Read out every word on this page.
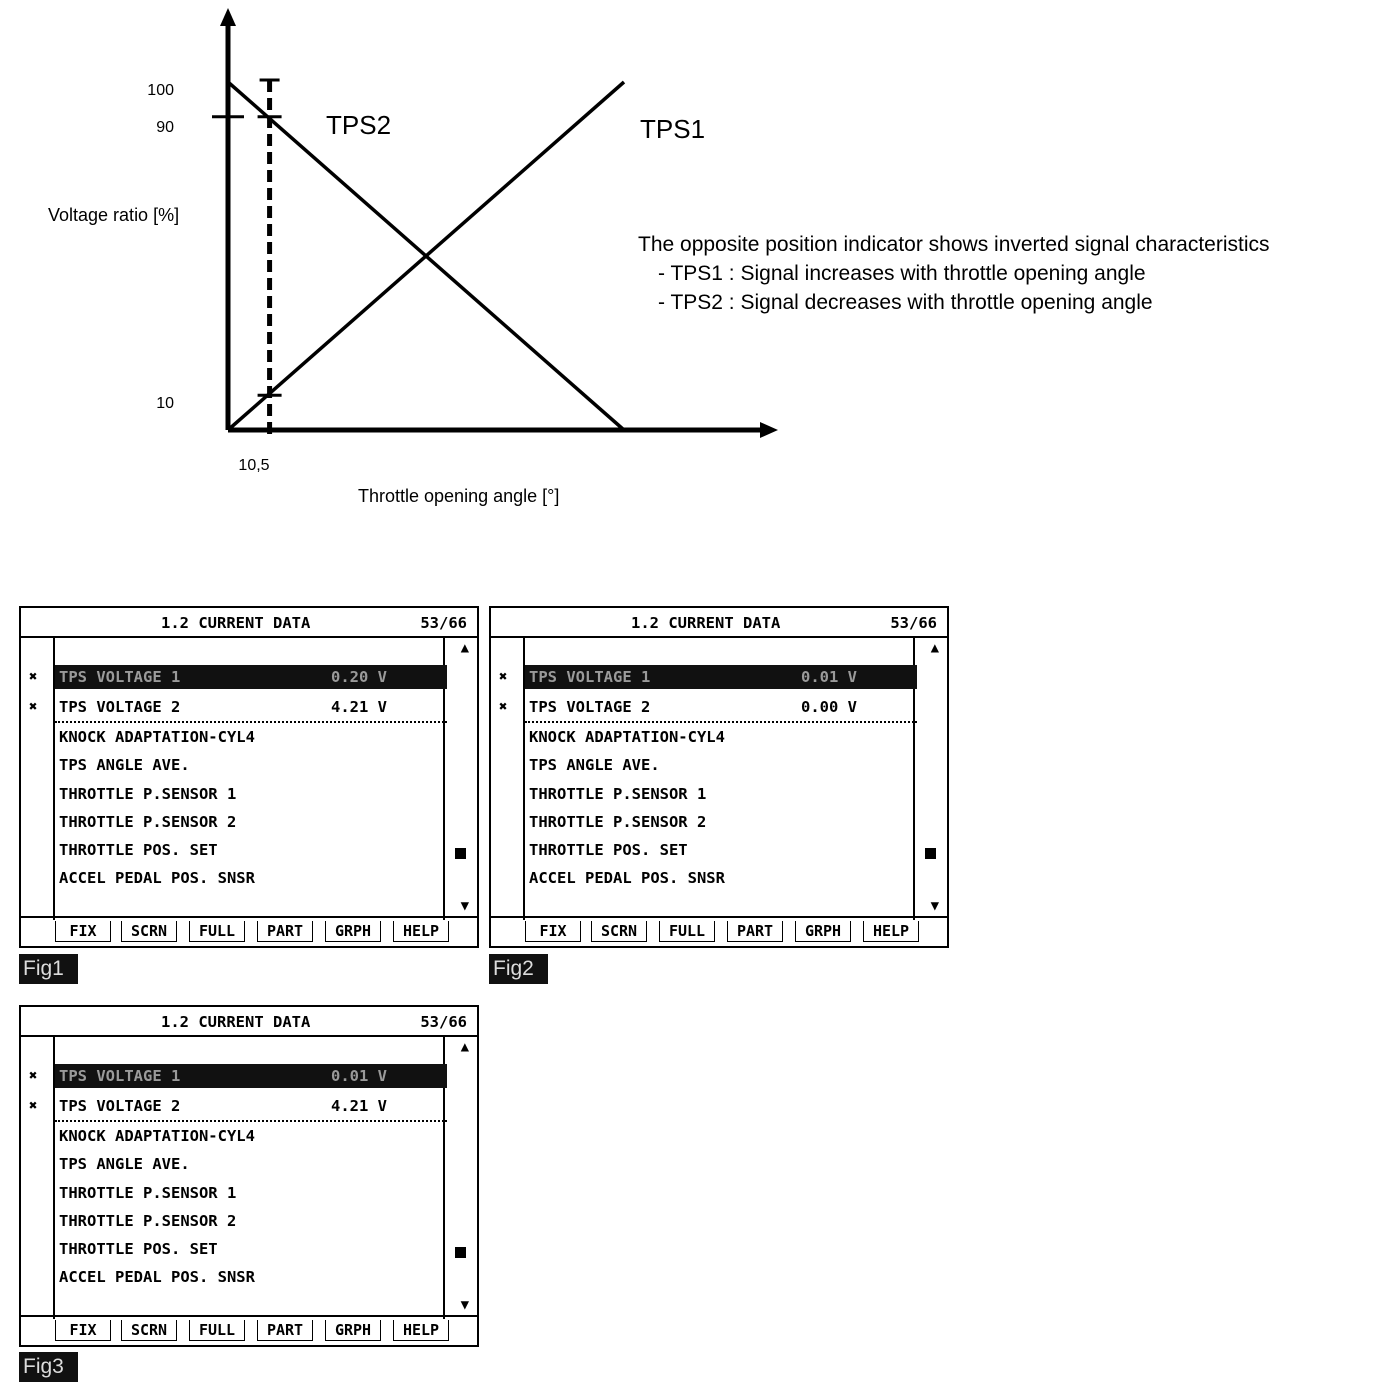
100
90
10
10,5
Voltage ratio [%]
Throttle opening angle [°]
TPS2	TPS1
The opposite position indicator shows inverted signal characteristics
- TPS1 : Signal increases with throttle opening angle
- TPS2 : Signal decreases with throttle opening angle
1.2 CURRENT DATA	53/66
▲
▼
✖ TPS VOLTAGE 1	0.20 V
✖ TPS VOLTAGE 2	4.21 V
KNOCK ADAPTATION-CYL4
TPS ANGLE AVE.
THROTTLE P.SENSOR 1
THROTTLE P.SENSOR 2
THROTTLE POS. SET
ACCEL PEDAL POS. SNSR
FIX	SCRN	FULL	PART	GRPH	HELP
Fig1
1.2 CURRENT DATA	53/66
▲
▼
✖ TPS VOLTAGE 1	0.01 V
✖ TPS VOLTAGE 2	0.00 V
KNOCK ADAPTATION-CYL4
TPS ANGLE AVE.
THROTTLE P.SENSOR 1
THROTTLE P.SENSOR 2
THROTTLE POS. SET
ACCEL PEDAL POS. SNSR
FIX	SCRN	FULL	PART	GRPH	HELP
Fig2
1.2 CURRENT DATA	53/66
▲
▼
✖ TPS VOLTAGE 1	0.01 V
✖ TPS VOLTAGE 2	4.21 V
KNOCK ADAPTATION-CYL4
TPS ANGLE AVE.
THROTTLE P.SENSOR 1
THROTTLE P.SENSOR 2
THROTTLE POS. SET
ACCEL PEDAL POS. SNSR
FIX	SCRN	FULL	PART	GRPH	HELP
Fig3
